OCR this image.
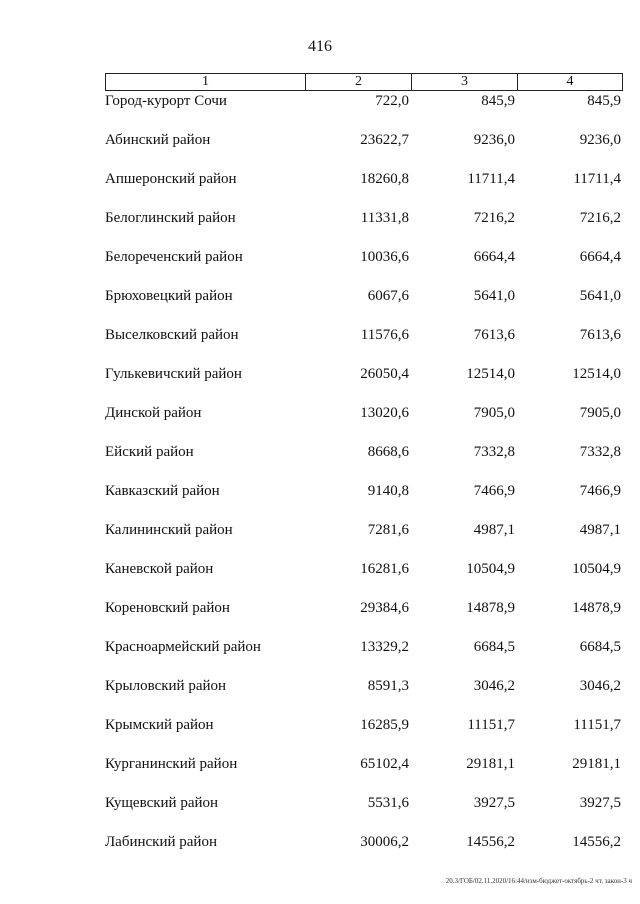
416
1	2	3	4
Город-курорт Сочи	722,0	845,9	845,9
Абинский район	23622,7	9236,0	9236,0
Апшеронский район	18260,8	11711,4	11711,4
Белоглинский район	11331,8	7216,2	7216,2
Белореченский район	10036,6	6664,4	6664,4
Брюховецкий район	6067,6	5641,0	5641,0
Выселковский район	11576,6	7613,6	7613,6
Гулькевичский район	26050,4	12514,0	12514,0
Динской район	13020,6	7905,0	7905,0
Ейский район	8668,6	7332,8	7332,8
Кавказский район	9140,8	7466,9	7466,9
Калининский район	7281,6	4987,1	4987,1
Каневской район	16281,6	10504,9	10504,9
Кореновский район	29384,6	14878,9	14878,9
Красноармейский район	13329,2	6684,5	6684,5
Крыловский район	8591,3	3046,2	3046,2
Крымский район	16285,9	11151,7	11151,7
Курганинский район	65102,4	29181,1	29181,1
Кущевский район	5531,6	3927,5	3927,5
Лабинский район	30006,2	14556,2	14556,2
20.3/ГОБ/02.11.2020/16:44/изм-бюджет-октябрь-2 чт. закон-3 ч
